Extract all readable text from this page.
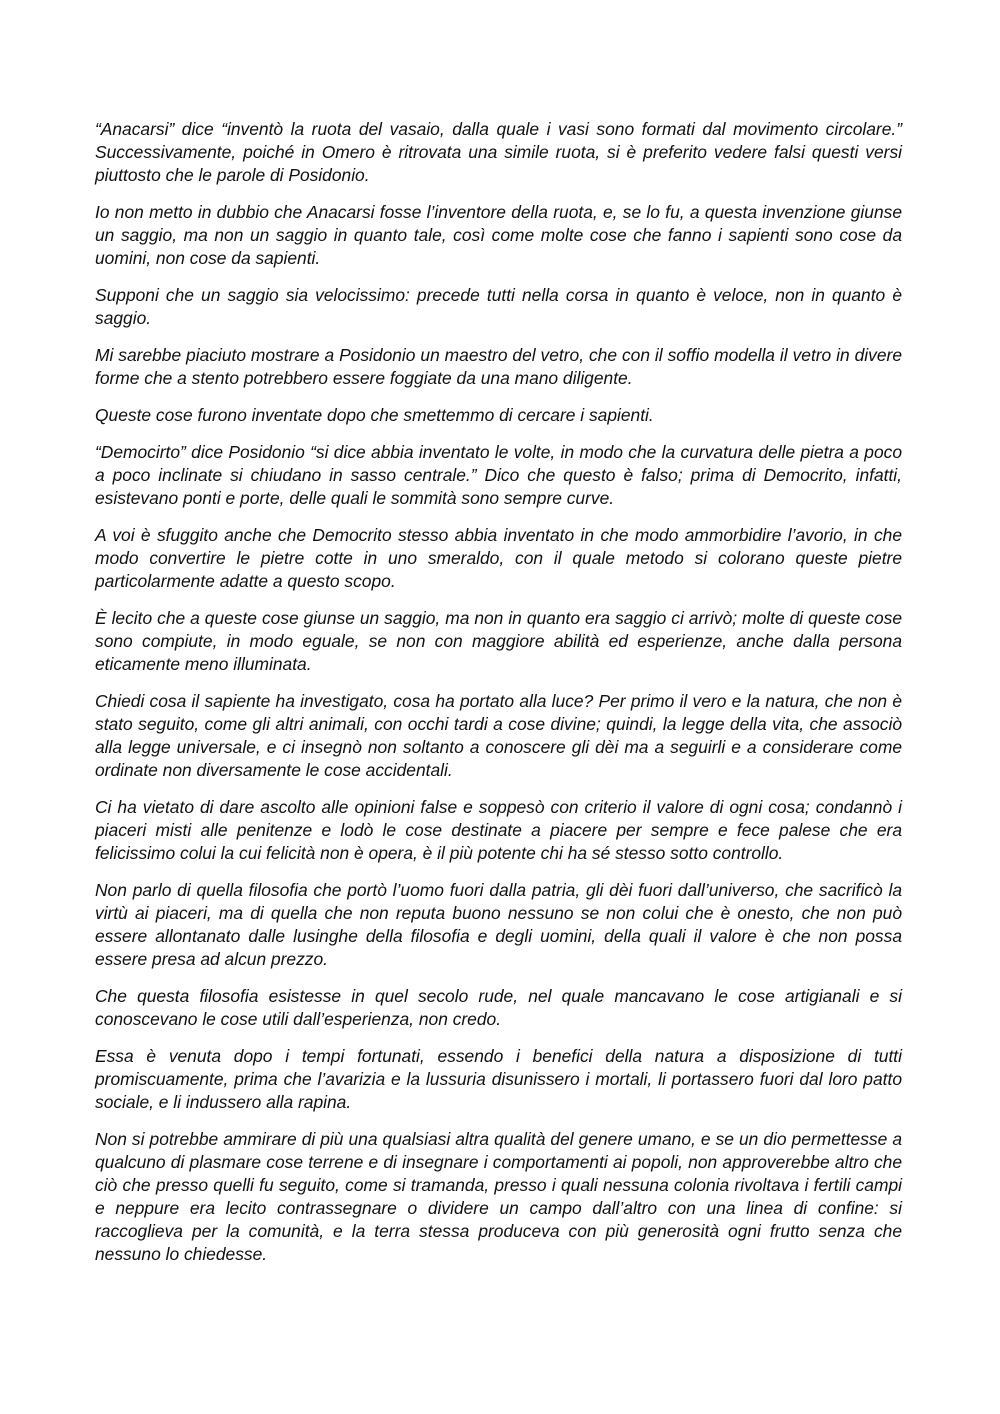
“Anacarsi” dice “inventò la ruota del vasaio, dalla quale i vasi sono formati dal movimento circolare.” Successivamente, poiché in Omero è ritrovata una simile ruota, si è preferito vedere falsi questi versi piuttosto che le parole di Posidonio.

Io non metto in dubbio che Anacarsi fosse l’inventore della ruota, e, se lo fu, a questa invenzione giunse un saggio, ma non un saggio in quanto tale, così come molte cose che fanno i sapienti sono cose da uomini, non cose da sapienti.

Supponi che un saggio sia velocissimo: precede tutti nella corsa in quanto è veloce, non in quanto è saggio.

Mi sarebbe piaciuto mostrare a Posidonio un maestro del vetro, che con il soffio modella il vetro in divere forme che a stento potrebbero essere foggiate da una mano diligente.

Queste cose furono inventate dopo che smettemmo di cercare i sapienti.

“Democirto” dice Posidonio “si dice abbia inventato le volte, in modo che la curvatura delle pietra a poco a poco inclinate si chiudano in sasso centrale.” Dico che questo è falso; prima di Democrito, infatti, esistevano ponti e porte, delle quali le sommità sono sempre curve.

A voi è sfuggito anche che Democrito stesso abbia inventato in che modo ammorbidire l’avorio, in che modo convertire le pietre cotte in uno smeraldo, con il quale metodo si colorano queste pietre particolarmente adatte a questo scopo.

È lecito che a queste cose giunse un saggio, ma non in quanto era saggio ci arrivò; molte di queste cose sono compiute, in modo eguale, se non con maggiore abilità ed esperienze, anche dalla persona eticamente meno illuminata.

Chiedi cosa il sapiente ha investigato, cosa ha portato alla luce? Per primo il vero e la natura, che non è stato seguito, come gli altri animali, con occhi tardi a cose divine; quindi, la legge della vita, che associò alla legge universale, e ci insegnò non soltanto a conoscere gli dèi ma a seguirli e a considerare come ordinate non diversamente le cose accidentali.

Ci ha vietato di dare ascolto alle opinioni false e soppesò con criterio il valore di ogni cosa; condannò i piaceri misti alle penitenze e lodò le cose destinate a piacere per sempre e fece palese che era felicissimo colui la cui felicità non è opera, è il più potente chi ha sé stesso sotto controllo.

Non parlo di quella filosofia che portò l’uomo fuori dalla patria, gli dèi fuori dall’universo, che sacrificò la virtù ai piaceri, ma di quella che non reputa buono nessuno se non colui che è onesto, che non può essere allontanato dalle lusinghe della filosofia e degli uomini, della quali il valore è che non possa essere presa ad alcun prezzo.

Che questa filosofia esistesse in quel secolo rude, nel quale mancavano le cose artigianali e si conoscevano le cose utili dall’esperienza, non credo.

Essa è venuta dopo i tempi fortunati, essendo i benefici della natura a disposizione di tutti promiscuamente, prima che l’avarizia e la lussuria disunissero i mortali, li portassero fuori dal loro patto sociale, e li indussero alla rapina.

Non si potrebbe ammirare di più una qualsiasi altra qualità del genere umano, e se un dio permettesse a qualcuno di plasmare cose terrene e di insegnare i comportamenti ai popoli, non approverebbe altro che ciò che presso quelli fu seguito, come si tramanda, presso i quali nessuna colonia rivoltava i fertili campi e neppure era lecito contrassegnare o dividere un campo dall’altro con una linea di confine: si raccoglieva per la comunità, e la terra stessa produceva con più generosità ogni frutto senza che nessuno lo chiedesse.
